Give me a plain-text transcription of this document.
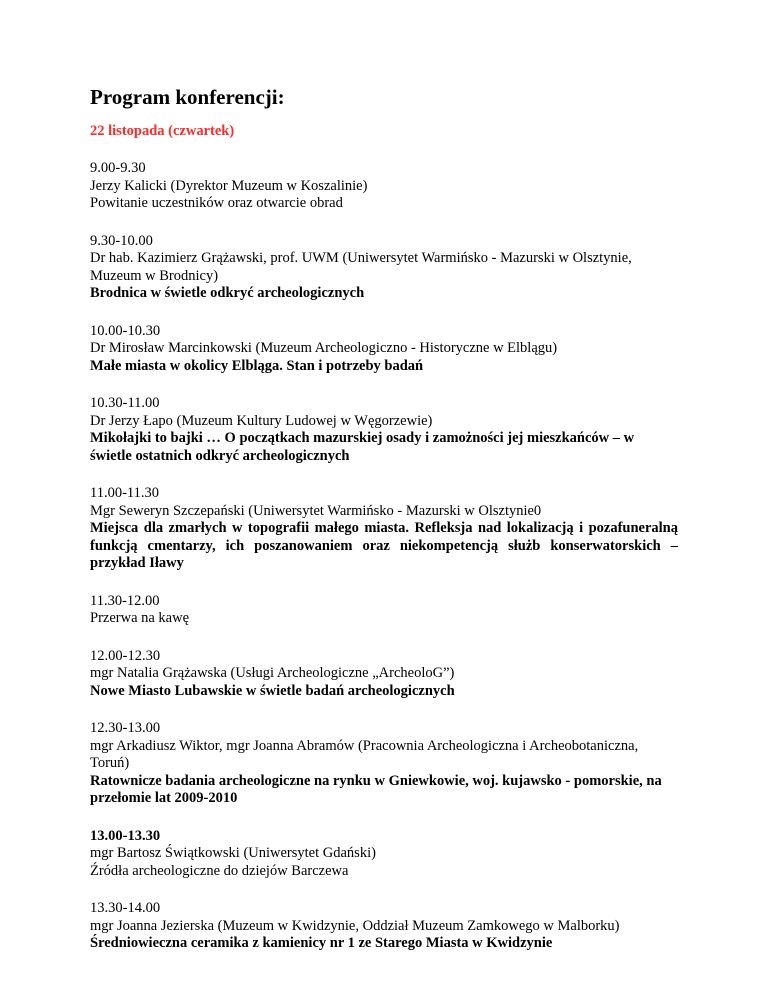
Program konferencji:
22 listopada (czwartek)
9.00-9.30
Jerzy Kalicki (Dyrektor Muzeum w Koszalinie)
Powitanie uczestników oraz otwarcie obrad
9.30-10.00
Dr hab. Kazimierz Grążawski, prof. UWM (Uniwersytet Warmińsko - Mazurski w Olsztynie, Muzeum w Brodnicy)
Brodnica w świetle odkryć archeologicznych
10.00-10.30
Dr Mirosław Marcinkowski (Muzeum Archeologiczno - Historyczne w Elblągu)
Małe miasta w okolicy Elbląga. Stan i potrzeby badań
10.30-11.00
Dr Jerzy Łapo (Muzeum Kultury Ludowej w Węgorzewie)
Mikołajki to bajki … O początkach mazurskiej osady i zamożności jej mieszkańców – w świetle ostatnich odkryć archeologicznych
11.00-11.30
Mgr Seweryn Szczepański (Uniwersytet Warmińsko - Mazurski w Olsztynie0
Miejsca dla zmarłych w topografii małego miasta. Refleksja nad lokalizacją i pozafuneralną funkcją cmentarzy, ich poszanowaniem oraz niekompetencją służb konserwatorskich – przykład Iławy
11.30-12.00
Przerwa na kawę
12.00-12.30
mgr Natalia Grążawska (Usługi Archeologiczne „ArcheoloG”)
Nowe Miasto Lubawskie w świetle badań archeologicznych
12.30-13.00
mgr Arkadiusz Wiktor, mgr Joanna Abramów (Pracownia Archeologiczna i Archeobotaniczna, Toruń)
Ratownicze badania archeologiczne na rynku w Gniewkowie, woj. kujawsko - pomorskie, na przełomie lat 2009-2010
13.00-13.30
mgr Bartosz Świątkowski (Uniwersytet Gdański)
Źródła archeologiczne do dziejów Barczewa
13.30-14.00
mgr Joanna Jezierska (Muzeum w Kwidzynie, Oddział Muzeum Zamkowego w Malborku)
Średniowieczna ceramika z kamienicy nr 1 ze Starego Miasta w Kwidzynie
